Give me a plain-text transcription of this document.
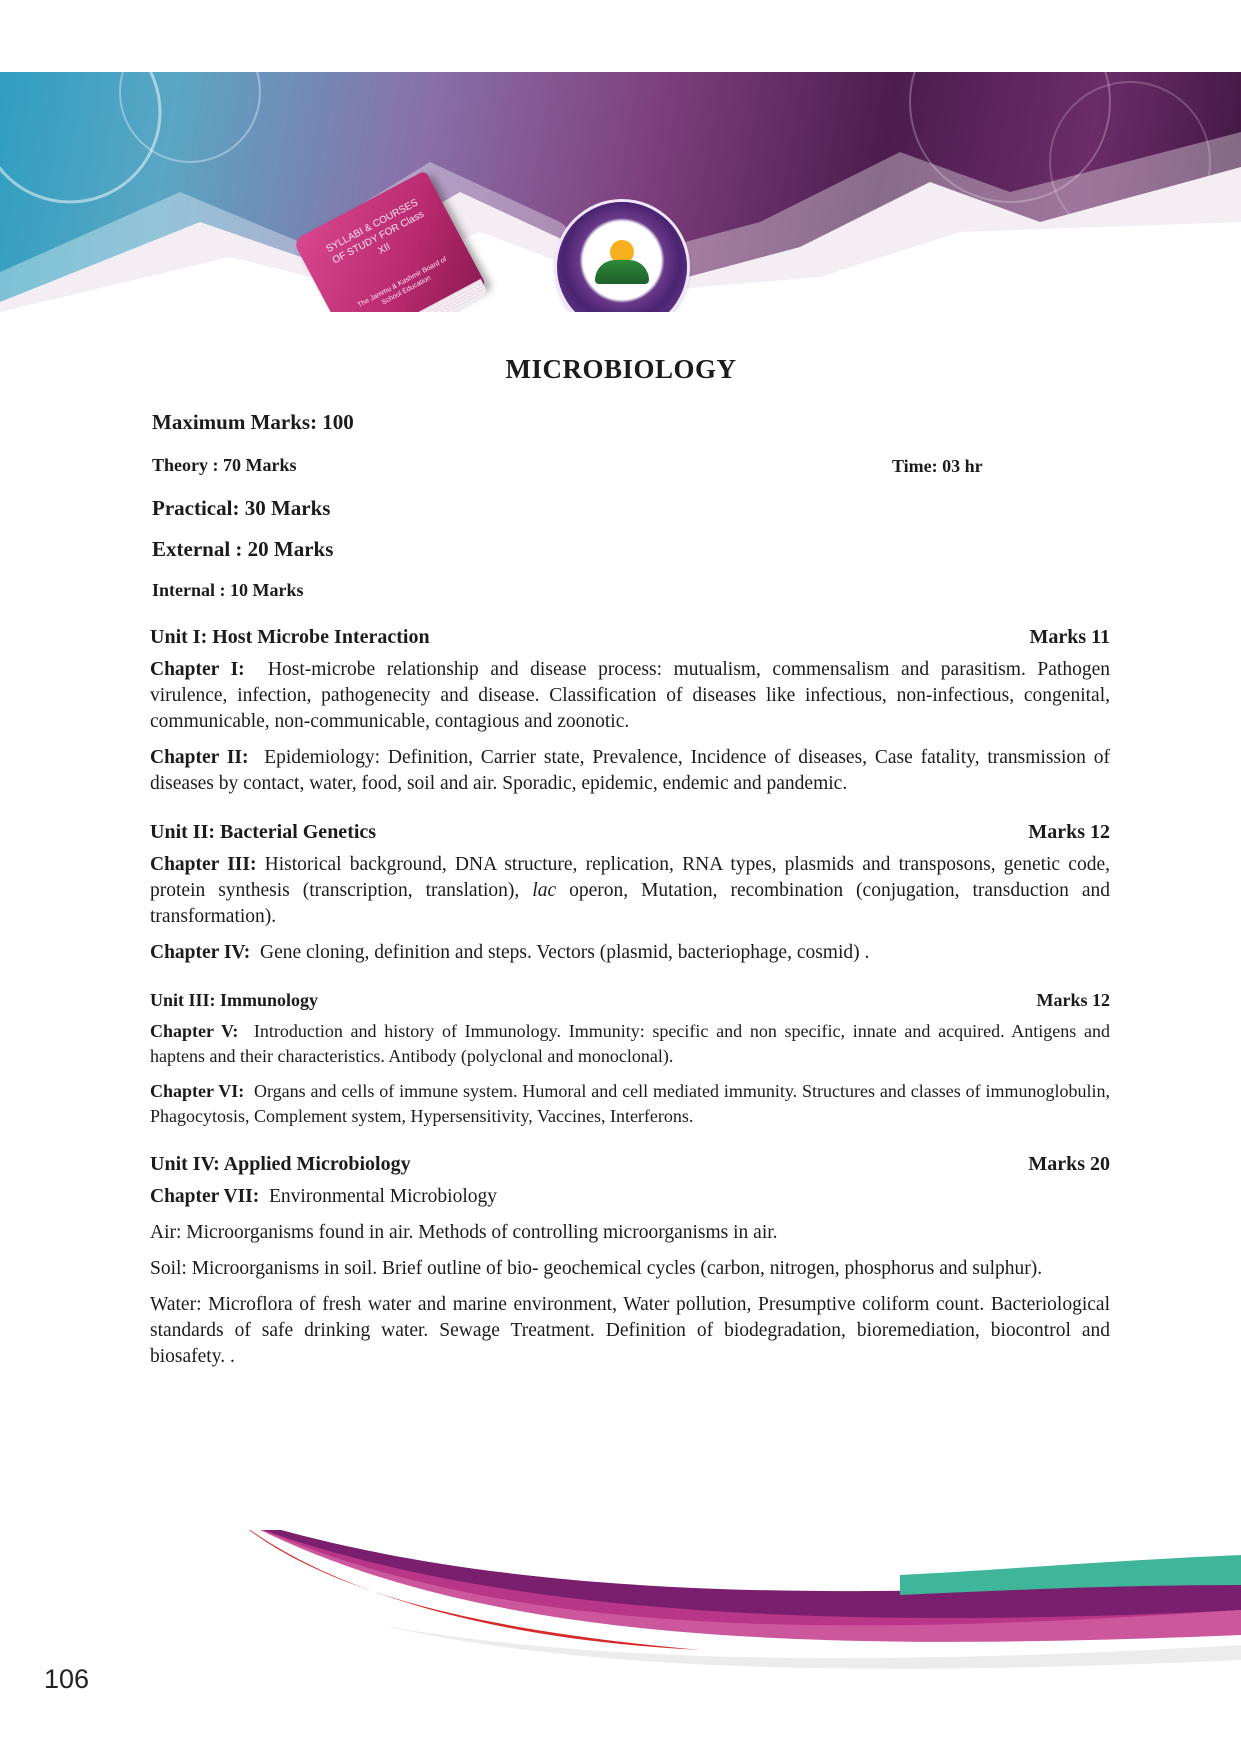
SYLLABI & COURSES OF STUDY FOR Class XII
The Jammu & Kashmir Board of School Education
MICROBIOLOGY
Maximum Marks: 100
Theory : 70 Marks	Time: 03 hr
Practical: 30 Marks
External : 20 Marks
Internal : 10 Marks
Unit I: Host Microbe Interaction	Marks 11

Chapter I: Host-microbe relationship and disease process: mutualism, commensalism and parasitism. Pathogen virulence, infection, pathogenecity and disease. Classification of diseases like infectious, non-infectious, congenital, communicable, non-communicable, contagious and zoonotic.

Chapter II: Epidemiology: Definition, Carrier state, Prevalence, Incidence of diseases, Case fatality, transmission of diseases by contact, water, food, soil and air. Sporadic, epidemic, endemic and pandemic.

Unit II: Bacterial Genetics	Marks 12

Chapter III: Historical background, DNA structure, replication, RNA types, plasmids and transposons, genetic code, protein synthesis (transcription, translation), lac operon, Mutation, recombination (conjugation, transduction and transformation).

Chapter IV: Gene cloning, definition and steps. Vectors (plasmid, bacteriophage, cosmid) .

Unit III: Immunology	Marks 12

Chapter V: Introduction and history of Immunology. Immunity: specific and non specific, innate and acquired. Antigens and haptens and their characteristics. Antibody (polyclonal and monoclonal).

Chapter VI: Organs and cells of immune system. Humoral and cell mediated immunity. Structures and classes of immunoglobulin, Phagocytosis, Complement system, Hypersensitivity, Vaccines, Interferons.

Unit IV: Applied Microbiology	Marks 20

Chapter VII: Environmental Microbiology

Air: Microorganisms found in air. Methods of controlling microorganisms in air.

Soil: Microorganisms in soil. Brief outline of bio- geochemical cycles (carbon, nitrogen, phosphorus and sulphur).

Water: Microflora of fresh water and marine environment, Water pollution, Presumptive coliform count. Bacteriological standards of safe drinking water. Sewage Treatment. Definition of biodegradation, bioremediation, biocontrol and biosafety. .

106
